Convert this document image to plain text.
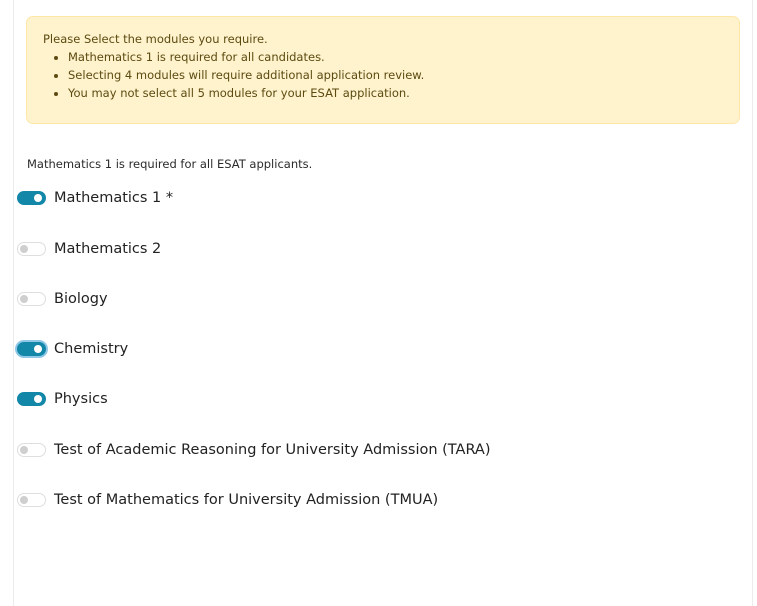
Please Select the modules you require.
• Mathematics 1 is required for all candidates.
• Selecting 4 modules will require additional application review.
• You may not select all 5 modules for your ESAT application.
Mathematics 1 is required for all ESAT applicants.
Mathematics 1 *
Mathematics 2
Biology
Chemistry
Physics
Test of Academic Reasoning for University Admission (TARA)
Test of Mathematics for University Admission (TMUA)
